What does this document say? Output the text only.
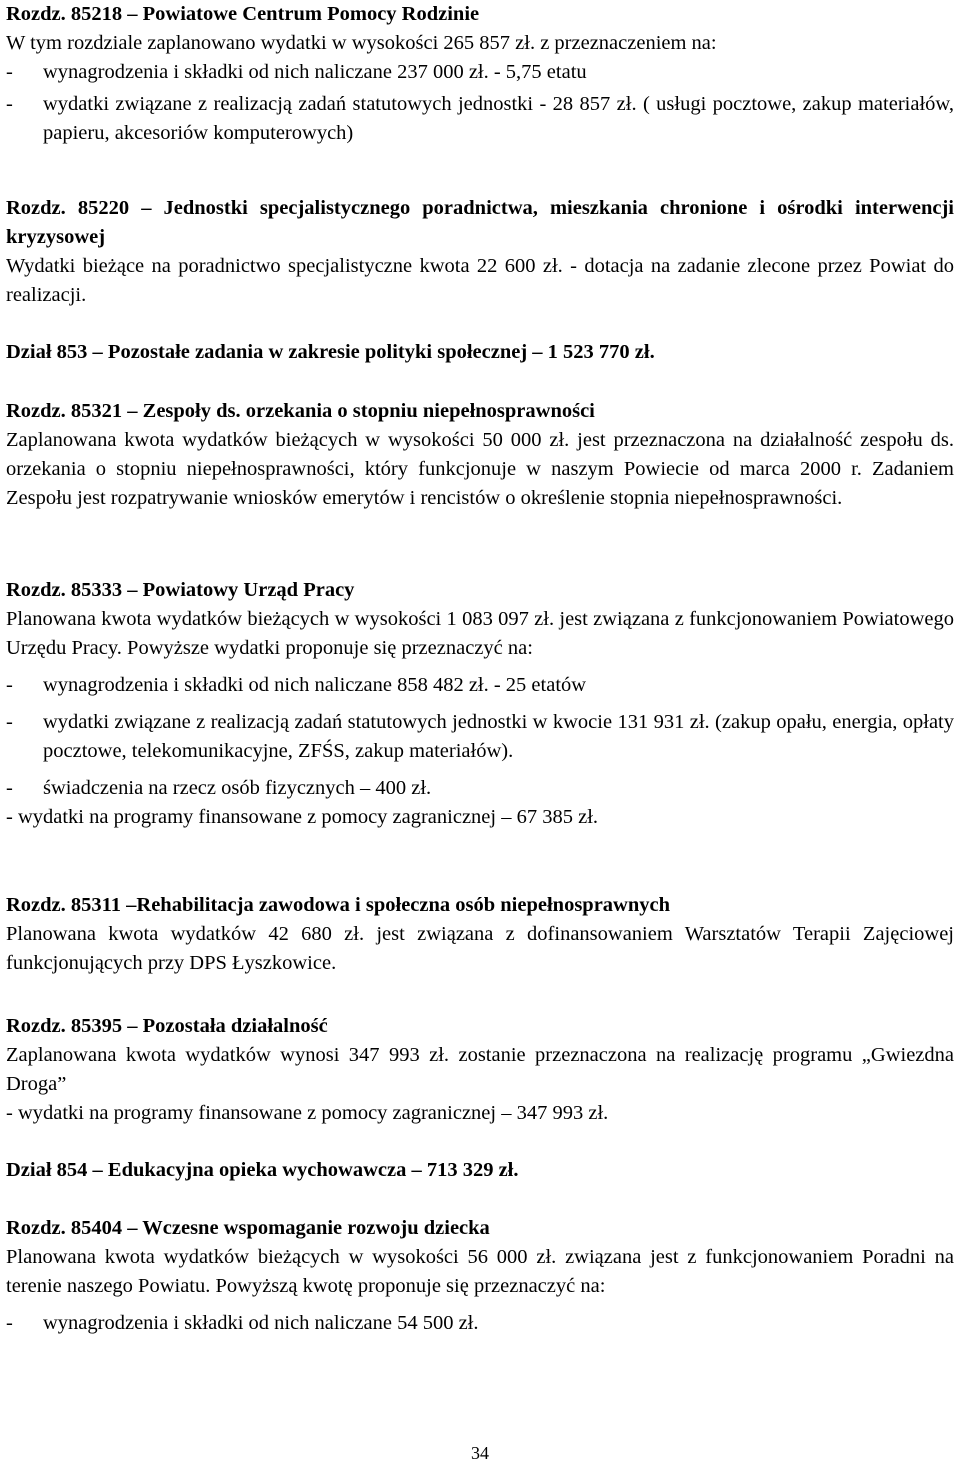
Rozdz. 85218 – Powiatowe Centrum Pomocy Rodzinie

W tym rozdziale zaplanowano wydatki w wysokości 265 857 zł. z przeznaczeniem na:

- wynagrodzenia i składki od nich naliczane 237 000 zł. - 5,75 etatu

- wydatki związane z realizacją zadań statutowych jednostki - 28 857 zł. ( usługi pocztowe, zakup materiałów, papieru, akcesoriów komputerowych)

Rozdz. 85220 – Jednostki specjalistycznego poradnictwa, mieszkania chronione i ośrodki interwencji kryzysowej

Wydatki bieżące na poradnictwo specjalistyczne kwota 22 600 zł. - dotacja na zadanie zlecone przez Powiat do realizacji.

Dział 853 – Pozostałe zadania w zakresie polityki społecznej – 1 523 770 zł.

Rozdz. 85321 – Zespoły ds. orzekania o stopniu niepełnosprawności

Zaplanowana kwota wydatków bieżących w wysokości 50 000 zł. jest przeznaczona na działalność zespołu ds. orzekania o stopniu niepełnosprawności, który funkcjonuje w naszym Powiecie od marca 2000 r. Zadaniem Zespołu jest rozpatrywanie wniosków emerytów i rencistów o określenie stopnia niepełnosprawności.

Rozdz. 85333 – Powiatowy Urząd Pracy

Planowana kwota wydatków bieżących w wysokości 1 083 097 zł. jest związana z funkcjonowaniem Powiatowego Urzędu Pracy. Powyższe wydatki proponuje się przeznaczyć na:

- wynagrodzenia i składki od nich naliczane 858 482 zł. - 25 etatów

- wydatki związane z realizacją zadań statutowych jednostki w kwocie 131 931 zł. (zakup opału, energia, opłaty pocztowe, telekomunikacyjne, ZFŚS, zakup materiałów).

- świadczenia na rzecz osób fizycznych – 400 zł.

- wydatki na programy finansowane z pomocy zagranicznej – 67 385 zł.

Rozdz. 85311 –Rehabilitacja zawodowa i społeczna osób niepełnosprawnych

Planowana kwota wydatków 42 680 zł. jest związana z dofinansowaniem Warsztatów Terapii Zajęciowej funkcjonujących przy DPS Łyszkowice.

Rozdz. 85395 – Pozostała działalność

Zaplanowana kwota wydatków wynosi 347 993 zł. zostanie przeznaczona na realizację programu „Gwiezdna Droga”

- wydatki na programy finansowane z pomocy zagranicznej – 347 993 zł.

Dział 854 – Edukacyjna opieka wychowawcza – 713 329 zł.

Rozdz. 85404 – Wczesne wspomaganie rozwoju dziecka

Planowana kwota wydatków bieżących w wysokości 56 000 zł. związana jest z funkcjonowaniem Poradni na terenie naszego Powiatu. Powyższą kwotę proponuje się przeznaczyć na:

- wynagrodzenia i składki od nich naliczane 54 500 zł.

34
